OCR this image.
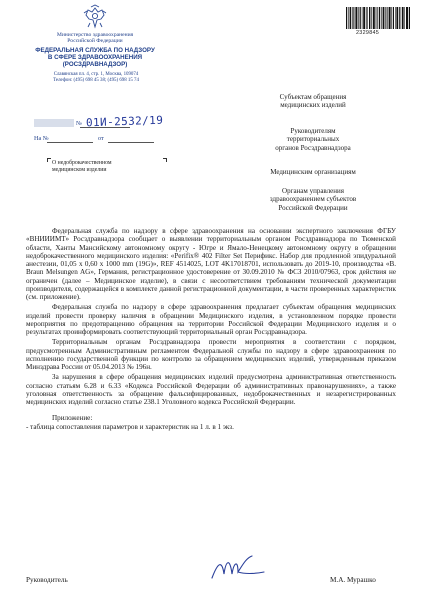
Министерство здравоохранения
Российской Федерации
ФЕДЕРАЛЬНАЯ СЛУЖБА ПО НАДЗОРУ
В СФЕРЕ ЗДРАВООХРАНЕНИЯ
(РОСЗДРАВНАДЗОР)
Славянская пл. 4, стр. 1, Москва, 109074
Телефон: (495) 698 45 38; (495) 698 15 74
№ 01И-2532/19
На №	от
О недоброкачественном
медицинском изделии
2329845
Субъектам обращения
медицинских изделий
Руководителям
территориальных
органов Росздравнадзора
Медицинским организациям
Органам управления
здравоохранением субъектов
Российской Федерации

Федеральная служба по надзору в сфере здравоохранения на основании экспертного заключения ФГБУ «ВНИИИМТ» Росздравнадзора сообщает о выявлении территориальным органом Росздравнадзора по Тюменской области, Ханты Мансийскому автономному округу - Югре и Ямало-Ненецкому автономному округу в обращении недоброкачественного медицинского изделия: «Perifix® 402 Filter Set Перификс. Набор для продленной эпидуральной анестезии, 01,05 х 0,60 х 1000 mm (19G)», REF 4514025, LOT 4K17018701, использовать до 2019-10, производства «B. Braun Melsungen AG», Германия, регистрационное удостоверение от 30.09.2010 № ФСЗ 2010/07963, срок действия не ограничен (далее – Медицинское изделие), в связи с несоответствием требованиям технической документации производителя, содержащейся в комплекте данной регистрационной документации, в части проверенных характеристик (см. приложение).

Федеральная служба по надзору в сфере здравоохранения предлагает субъектам обращения медицинских изделий провести проверку наличия в обращении Медицинского изделия, в установленном порядке провести мероприятия по предотвращению обращения на территории Российской Федерации Медицинского изделия и о результатах проинформировать соответствующий территориальный орган Росздравнадзора.

Территориальным органам Росздравнадзора провести мероприятия в соответствии с порядком, предусмотренным Административным регламентом Федеральной службы по надзору в сфере здравоохранения по исполнению государственной функции по контролю за обращением медицинских изделий, утвержденным приказом Минздрава России от 05.04.2013 № 196н.

За нарушения в сфере обращения медицинских изделий предусмотрена административная ответственность согласно статьям 6.28 и 6.33 «Кодекса Российской Федерации об административных правонарушениях», а также уголовная ответственность за обращение фальсифицированных, недоброкачественных и незарегистрированных медицинских изделий согласно статье 238.1 Уголовного кодекса Российской Федерации.

Приложение:

- таблица сопоставления параметров и характеристик на 1 л. в 1 экз.

Руководитель	М.А. Мурашко
